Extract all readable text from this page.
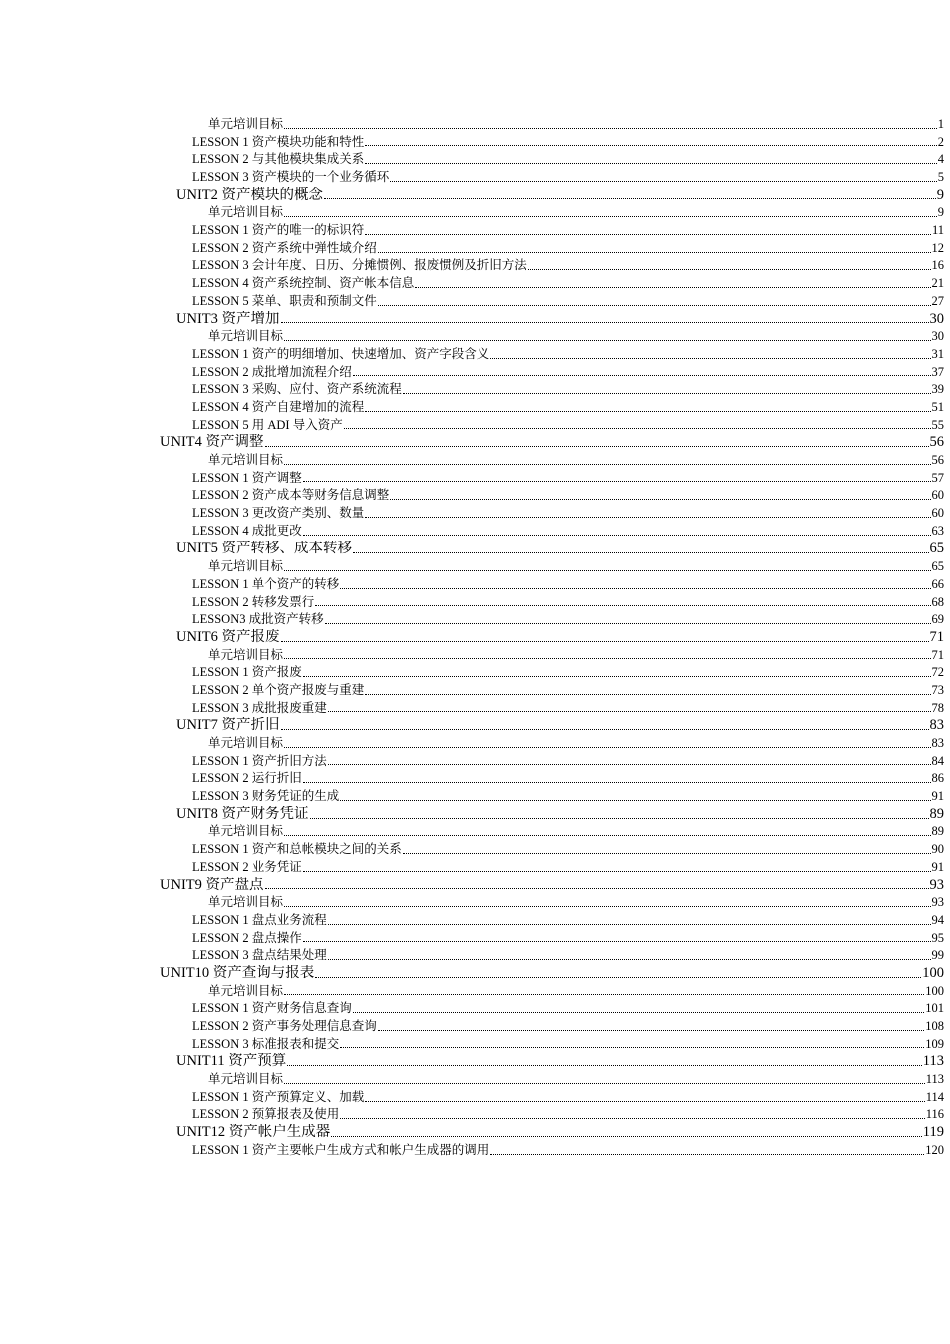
单元培训目标	1
LESSON 1 资产模块功能和特性	2
LESSON 2 与其他模块集成关系	4
LESSON 3 资产模块的一个业务循环	5
UNIT2 资产模块的概念	9
单元培训目标	9
LESSON 1 资产的唯一的标识符	11
LESSON 2 资产系统中弹性域介绍	12
LESSON 3 会计年度、日历、分摊惯例、报废惯例及折旧方法	16
LESSON 4 资产系统控制、资产帐本信息	21
LESSON 5 菜单、职责和预制文件	27
UNIT3 资产增加	30
单元培训目标	30
LESSON 1 资产的明细增加、快速增加、资产字段含义	31
LESSON 2 成批增加流程介绍	37
LESSON 3 采购、应付、资产系统流程	39
LESSON 4 资产自建增加的流程	51
LESSON 5 用 ADI 导入资产	55
UNIT4 资产调整	56
单元培训目标	56
LESSON 1 资产调整	57
LESSON 2 资产成本等财务信息调整	60
LESSON 3 更改资产类别、数量	60
LESSON 4 成批更改	63
UNIT5 资产转移、成本转移	65
单元培训目标	65
LESSON 1 单个资产的转移	66
LESSON 2 转移发票行	68
LESSON3 成批资产转移	69
UNIT6 资产报废	71
单元培训目标	71
LESSON 1 资产报废	72
LESSON 2 单个资产报废与重建	73
LESSON 3 成批报废重建	78
UNIT7 资产折旧	83
单元培训目标	83
LESSON 1 资产折旧方法	84
LESSON 2 运行折旧	86
LESSON 3 财务凭证的生成	91
UNIT8 资产财务凭证	89
单元培训目标	89
LESSON 1 资产和总帐模块之间的关系	90
LESSON 2 业务凭证	91
UNIT9 资产盘点	93
单元培训目标	93
LESSON 1 盘点业务流程	94
LESSON 2 盘点操作	95
LESSON 3 盘点结果处理	99
UNIT10 资产查询与报表	100
单元培训目标	100
LESSON 1 资产财务信息查询	101
LESSON 2 资产事务处理信息查询	108
LESSON 3 标准报表和提交	109
UNIT11 资产预算	113
单元培训目标	113
LESSON 1 资产预算定义、加载	114
LESSON 2 预算报表及使用	116
UNIT12 资产帐户生成器	119
LESSON 1 资产主要帐户生成方式和帐户生成器的调用	120
